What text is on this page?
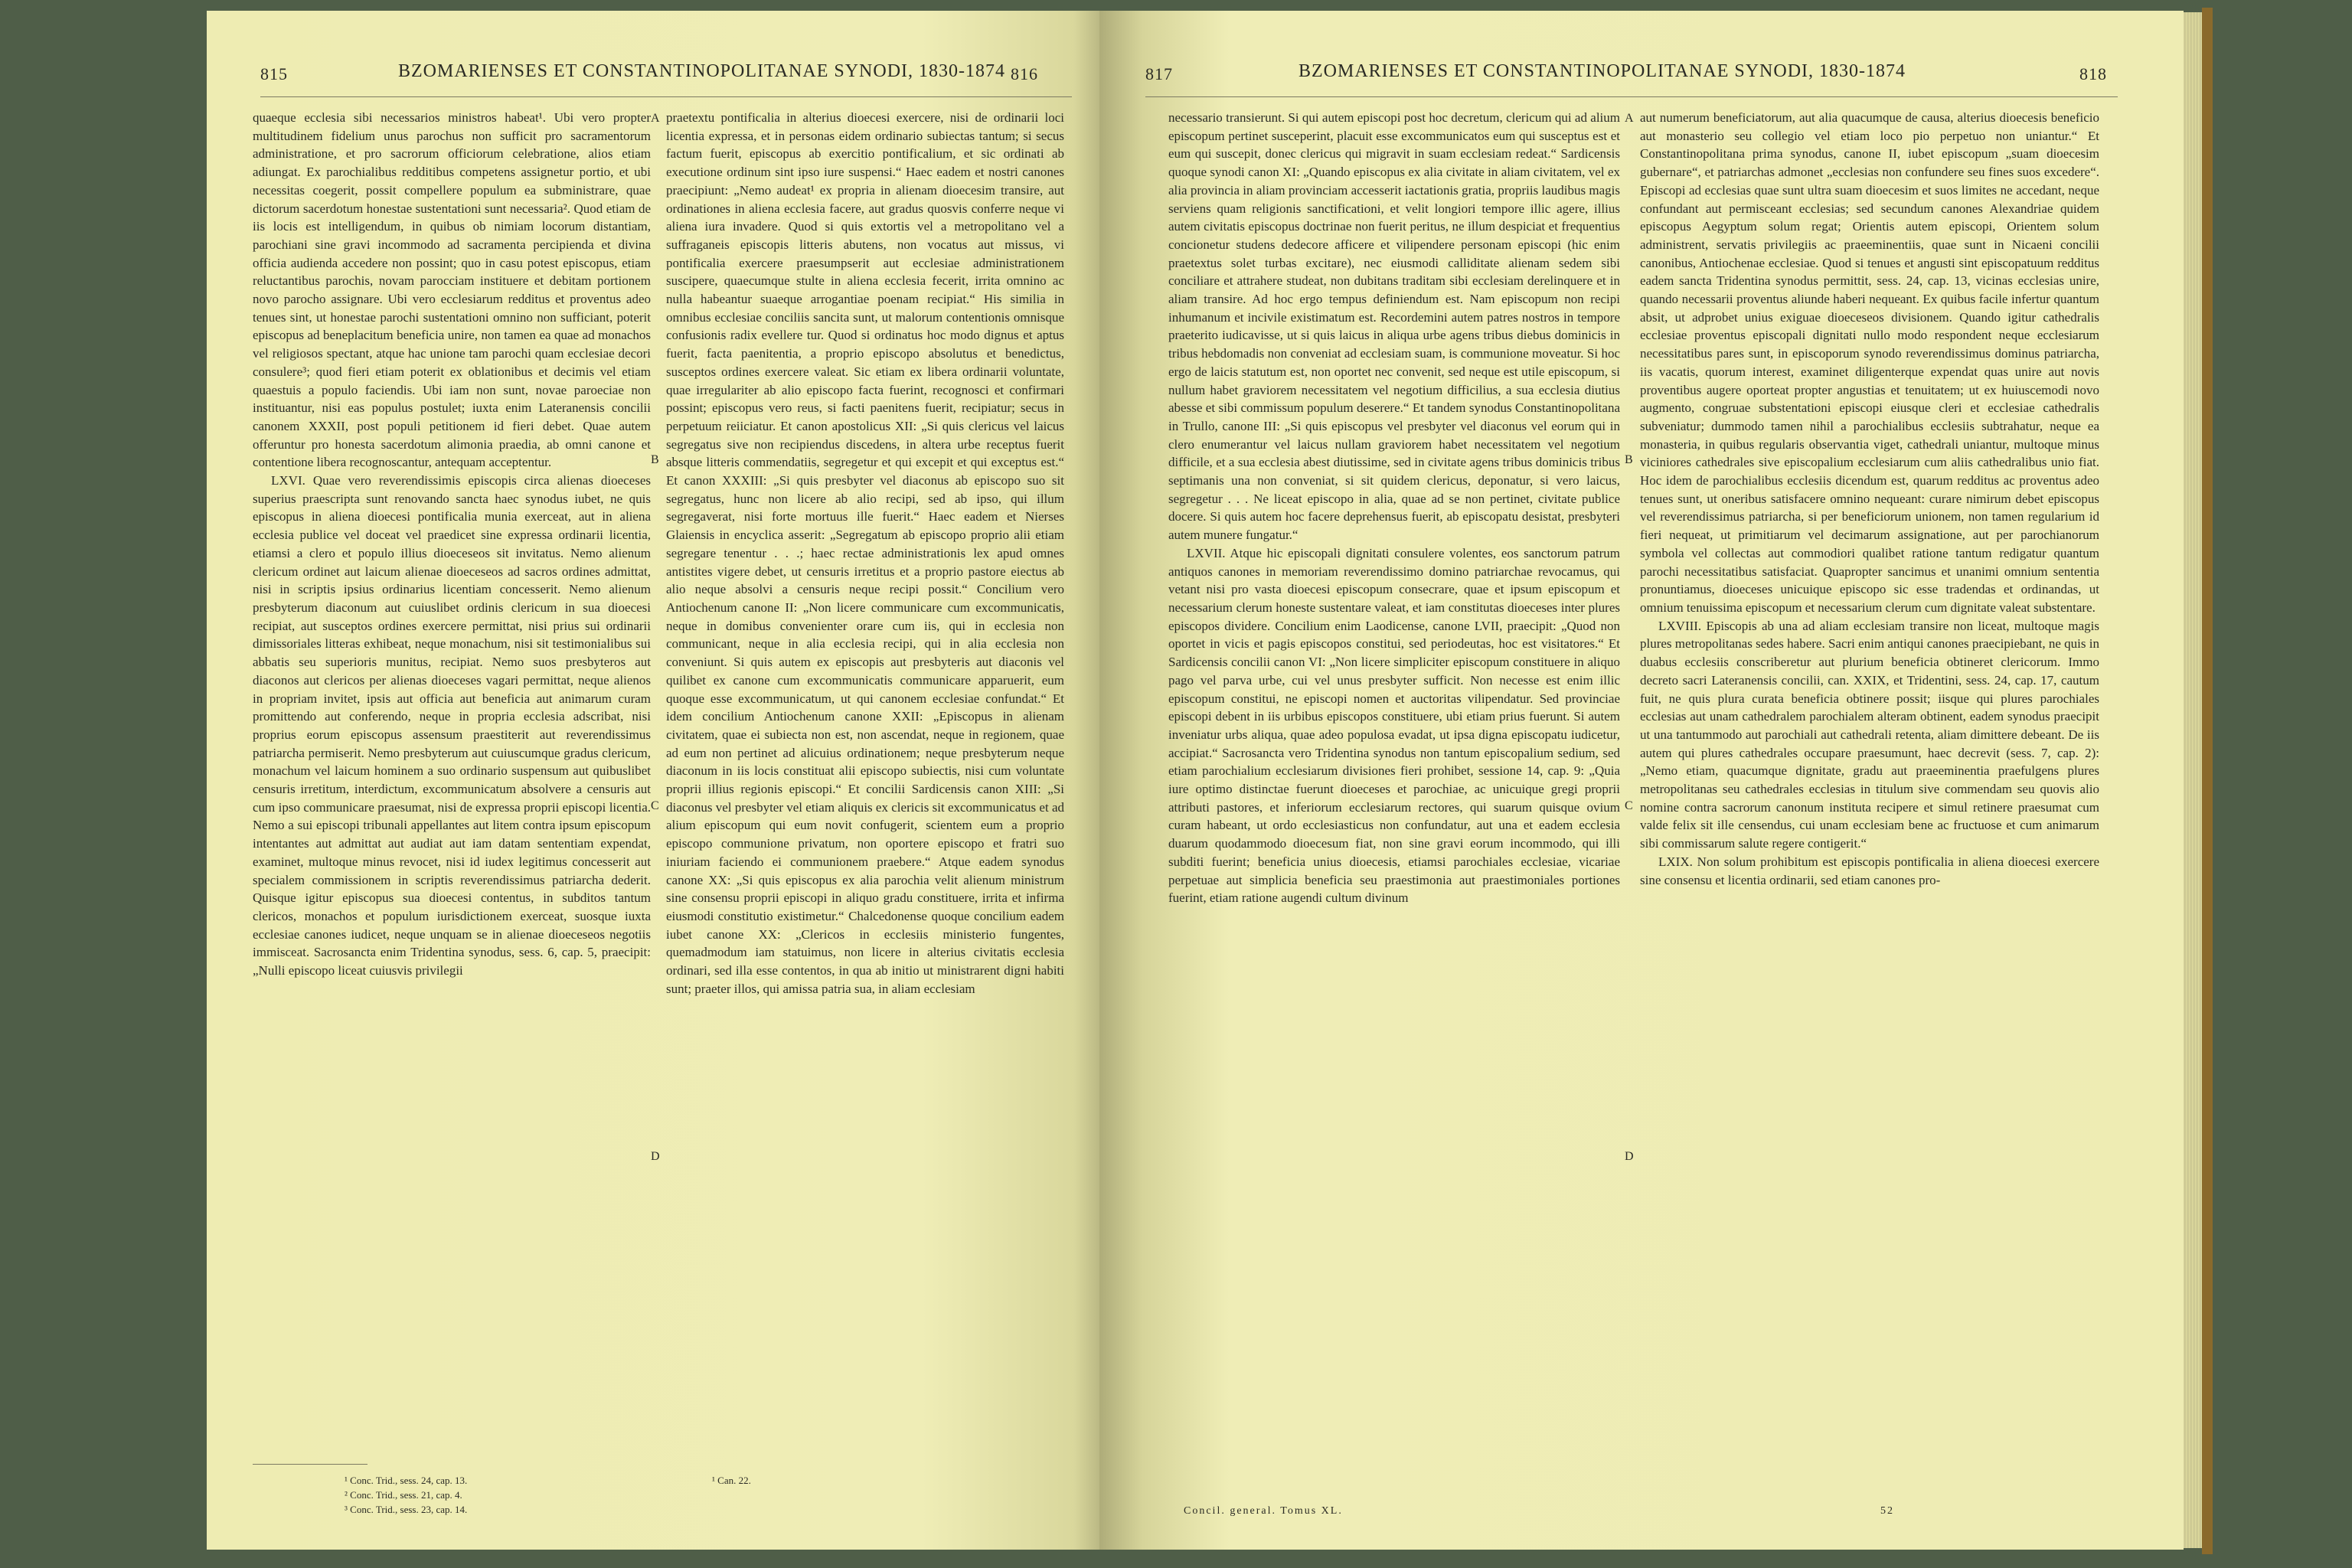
815	BZOMARIENSES ET CONSTANTINOPOLITANAE SYNODI, 1830-1874 816

quaeque ecclesia sibi necessarios ministros habeat¹. Ubi vero propter multitudinem fidelium unus parochus non sufficit pro sacramentorum administratione, et pro sacrorum officiorum celebratione, alios etiam adiungat. Ex parochialibus redditibus competens assignetur portio, et ubi necessitas coegerit, possit compellere populum ea subministrare, quae dictorum sacerdotum honestae sustentationi sunt necessaria². Quod etiam de iis locis est intelligendum, in quibus ob nimiam locorum distantiam, parochiani sine gravi incommodo ad sacramenta percipienda et divina officia audienda accedere non possint; quo in casu potest episcopus, etiam reluctantibus parochis, novam parocciam instituere et debitam portionem novo parocho assignare. Ubi vero ecclesiarum redditus et proventus adeo tenues sint, ut honestae parochi sustentationi omnino non sufficiant, poterit episcopus ad beneplacitum beneficia unire, non tamen ea quae ad monachos vel religiosos spectant, atque hac unione tam parochi quam ecclesiae decori consulere³; quod fieri etiam poterit ex oblationibus et decimis vel etiam quaestuis a populo faciendis. Ubi iam non sunt, novae paroeciae non instituantur, nisi eas populus postulet; iuxta enim Lateranensis concilii canonem XXXII, post populi petitionem id fieri debet. Quae autem offeruntur pro honesta sacerdotum alimonia praedia, ab omni canone et contentione libera recognoscantur, antequam acceptentur.

LXVI. Quae vero reverendissimis episcopis circa alienas dioeceses superius praescripta sunt renovando sancta haec synodus iubet, ne quis episcopus in aliena dioecesi pontificalia munia exerceat, aut in aliena ecclesia publice vel doceat vel praedicet sine expressa ordinarii licentia, etiamsi a clero et populo illius dioeceseos sit invitatus. Nemo alienum clericum ordinet aut laicum alienae dioeceseos ad sacros ordines admittat, nisi in scriptis ipsius ordinarius licentiam concesserit. Nemo alienum presbyterum diaconum aut cuiuslibet ordinis clericum in sua dioecesi recipiat, aut susceptos ordines exercere permittat, nisi prius sui ordinarii dimissoriales litteras exhibeat, neque monachum, nisi sit testimonialibus sui abbatis seu superioris munitus, recipiat. Nemo suos presbyteros aut diaconos aut clericos per alienas dioeceses vagari permittat, neque alienos in propriam invitet, ipsis aut officia aut beneficia aut animarum curam promittendo aut conferendo, neque in propria ecclesia adscribat, nisi proprius eorum episcopus assensum praestiterit aut reverendissimus patriarcha permiserit. Nemo presbyterum aut cuiuscumque gradus clericum, monachum vel laicum hominem a suo ordinario suspensum aut quibuslibet censuris irretitum, interdictum, excommunicatum absolvere a censuris aut cum ipso communicare praesumat, nisi de expressa proprii episcopi licentia. Nemo a sui episcopi tribunali appellantes aut litem contra ipsum episcopum intentantes aut admittat aut audiat aut iam datam sententiam expendat, examinet, multoque minus revocet, nisi id iudex legitimus concesserit aut specialem commissionem in scriptis reverendissimus patriarcha dederit. Quisque igitur episcopus sua dioecesi contentus, in subditos tantum clericos, monachos et populum iurisdictionem exerceat, suosque iuxta ecclesiae canones iudicet, neque unquam se in alienae dioeceseos negotiis immisceat. Sacrosancta enim Tridentina synodus, sess. 6, cap. 5, praecipit: „Nulli episcopo liceat cuiusvis privilegii

A
B
C
D

praetextu pontificalia in alterius dioecesi exercere, nisi de ordinarii loci licentia expressa, et in personas eidem ordinario subiectas tantum; si secus factum fuerit, episcopus ab exercitio pontificalium, et sic ordinati ab executione ordinum sint ipso iure suspensi.“ Haec eadem et nostri canones praecipiunt: „Nemo audeat¹ ex propria in alienam dioecesim transire, aut ordinationes in aliena ecclesia facere, aut gradus quosvis conferre neque vi aliena iura invadere. Quod si quis extortis vel a metropolitano vel a suffraganeis episcopis litteris abutens, non vocatus aut missus, vi pontificalia exercere praesumpserit aut ecclesiae administrationem suscipere, quaecumque stulte in aliena ecclesia fecerit, irrita omnino ac nulla habeantur suaeque arrogantiae poenam recipiat.“ His similia in omnibus ecclesiae conciliis sancita sunt, ut malorum contentionis omnisque confusionis radix evellere tur. Quod si ordinatus hoc modo dignus et aptus fuerit, facta paenitentia, a proprio episcopo absolutus et benedictus, susceptos ordines exercere valeat. Sic etiam ex libera ordinarii voluntate, quae irregulariter ab alio episcopo facta fuerint, recognosci et confirmari possint; episcopus vero reus, si facti paenitens fuerit, recipiatur; secus in perpetuum reiiciatur. Et canon apostolicus XII: „Si quis clericus vel laicus segregatus sive non recipiendus discedens, in altera urbe receptus fuerit absque litteris commendatiis, segregetur et qui excepit et qui exceptus est.“ Et canon XXXIII: „Si quis presbyter vel diaconus ab episcopo suo sit segregatus, hunc non licere ab alio recipi, sed ab ipso, qui illum segregaverat, nisi forte mortuus ille fuerit.“ Haec eadem et Nierses Glaiensis in encyclica asserit: „Segregatum ab episcopo proprio alii etiam segregare tenentur . . .; haec rectae administrationis lex apud omnes antistites vigere debet, ut censuris irretitus et a proprio pastore eiectus ab alio neque absolvi a censuris neque recipi possit.“ Concilium vero Antiochenum canone II: „Non licere communicare cum excommunicatis, neque in domibus convenienter orare cum iis, qui in ecclesia non communicant, neque in alia ecclesia recipi, qui in alia ecclesia non conveniunt. Si quis autem ex episcopis aut presbyteris aut diaconis vel quilibet ex canone cum excommunicatis communicare apparuerit, eum quoque esse excommunicatum, ut qui canonem ecclesiae confundat.“ Et idem concilium Antiochenum canone XXII: „Episcopus in alienam civitatem, quae ei subiecta non est, non ascendat, neque in regionem, quae ad eum non pertinet ad alicuius ordinationem; neque presbyterum neque diaconum in iis locis constituat alii episcopo subiectis, nisi cum voluntate proprii illius regionis episcopi.“ Et concilii Sardicensis canon XIII: „Si diaconus vel presbyter vel etiam aliquis ex clericis sit excommunicatus et ad alium episcopum qui eum novit confugerit, scientem eum a proprio episcopo communione privatum, non oportere episcopo et fratri suo iniuriam faciendo ei communionem praebere.“ Atque eadem synodus canone XX: „Si quis episcopus ex alia parochia velit alienum ministrum sine consensu proprii episcopi in aliquo gradu constituere, irrita et infirma eiusmodi constitutio existimetur.“ Chalcedonense quoque concilium eadem iubet canone XX: „Clericos in ecclesiis ministerio fungentes, quemadmodum iam statuimus, non licere in alterius civitatis ecclesia ordinari, sed illa esse contentos, in qua ab initio ut ministrarent digni habiti sunt; praeter illos, qui amissa patria sua, in aliam ecclesiam

¹ Conc. Trid., sess. 24, cap. 13.
² Conc. Trid., sess. 21, cap. 4.
³ Conc. Trid., sess. 23, cap. 14.
¹ Can. 22.
817	BZOMARIENSES ET CONSTANTINOPOLITANAE SYNODI, 1830-1874	818

necessario transierunt. Si qui autem episcopi post hoc decretum, clericum qui ad alium episcopum pertinet susceperint, placuit esse excommunicatos eum qui susceptus est et eum qui suscepit, donec clericus qui migravit in suam ecclesiam redeat.“ Sardicensis quoque synodi canon XI: „Quando episcopus ex alia civitate in aliam civitatem, vel ex alia provincia in aliam provinciam accesserit iactationis gratia, propriis laudibus magis serviens quam religionis sanctificationi, et velit longiori tempore illic agere, illius autem civitatis episcopus doctrinae non fuerit peritus, ne illum despiciat et frequentius concionetur studens dedecore afficere et vilipendere personam episcopi (hic enim praetextus solet turbas excitare), nec eiusmodi calliditate alienam sedem sibi conciliare et attrahere studeat, non dubitans traditam sibi ecclesiam derelinquere et in aliam transire. Ad hoc ergo tempus definiendum est. Nam episcopum non recipi inhumanum et incivile existimatum est. Recordemini autem patres nostros in tempore praeterito iudicavisse, ut si quis laicus in aliqua urbe agens tribus diebus dominicis in tribus hebdomadis non conveniat ad ecclesiam suam, is communione moveatur. Si hoc ergo de laicis statutum est, non oportet nec convenit, sed neque est utile episcopum, si nullum habet graviorem necessitatem vel negotium difficilius, a sua ecclesia diutius abesse et sibi commissum populum deserere.“ Et tandem synodus Constantinopolitana in Trullo, canone III: „Si quis episcopus vel presbyter vel diaconus vel eorum qui in clero enumerantur vel laicus nullam graviorem habet necessitatem vel negotium difficile, et a sua ecclesia abest diutissime, sed in civitate agens tribus dominicis tribus septimanis una non conveniat, si sit quidem clericus, deponatur, si vero laicus, segregetur . . . Ne liceat episcopo in alia, quae ad se non pertinet, civitate publice docere. Si quis autem hoc facere deprehensus fuerit, ab episcopatu desistat, presbyteri autem munere fungatur.“

LXVII. Atque hic episcopali dignitati consulere volentes, eos sanctorum patrum antiquos canones in memoriam reverendissimo domino patriarchae revocamus, qui vetant nisi pro vasta dioecesi episcopum consecrare, quae et ipsum episcopum et necessarium clerum honeste sustentare valeat, et iam constitutas dioeceses inter plures episcopos dividere. Concilium enim Laodicense, canone LVII, praecipit: „Quod non oportet in vicis et pagis episcopos constitui, sed periodeutas, hoc est visitatores.“ Et Sardicensis concilii canon VI: „Non licere simpliciter episcopum constituere in aliquo pago vel parva urbe, cui vel unus presbyter sufficit. Non necesse est enim illic episcopum constitui, ne episcopi nomen et auctoritas vilipendatur. Sed provinciae episcopi debent in iis urbibus episcopos constituere, ubi etiam prius fuerunt. Si autem inveniatur urbs aliqua, quae adeo populosa evadat, ut ipsa digna episcopatu iudicetur, accipiat.“ Sacrosancta vero Tridentina synodus non tantum episcopalium sedium, sed etiam parochialium ecclesiarum divisiones fieri prohibet, sessione 14, cap. 9: „Quia iure optimo distinctae fuerunt dioeceses et parochiae, ac unicuique gregi proprii attributi pastores, et inferiorum ecclesiarum rectores, qui suarum quisque ovium curam habeant, ut ordo ecclesiasticus non confundatur, aut una et eadem ecclesia duarum quodammodo dioecesum fiat, non sine gravi eorum incommodo, qui illi subditi fuerint; beneficia unius dioecesis, etiamsi parochiales ecclesiae, vicariae perpetuae aut simplicia beneficia seu praestimonia aut praestimoniales portiones fuerint, etiam ratione augendi cultum divinum

A
B
C
D

aut numerum beneficiatorum, aut alia quacumque de causa, alterius dioecesis beneficio aut monasterio seu collegio vel etiam loco pio perpetuo non uniantur.“ Et Constantinopolitana prima synodus, canone II, iubet episcopum „suam dioecesim gubernare“, et patriarchas admonet „ecclesias non confundere seu fines suos excedere“. Episcopi ad ecclesias quae sunt ultra suam dioecesim et suos limites ne accedant, neque confundant aut permisceant ecclesias; sed secundum canones Alexandriae quidem episcopus Aegyptum solum regat; Orientis autem episcopi, Orientem solum administrent, servatis privilegiis ac praeeminentiis, quae sunt in Nicaeni concilii canonibus, Antiochenae ecclesiae. Quod si tenues et angusti sint episcopatuum redditus eadem sancta Tridentina synodus permittit, sess. 24, cap. 13, vicinas ecclesias unire, quando necessarii proventus aliunde haberi nequeant. Ex quibus facile infertur quantum absit, ut adprobet unius exiguae dioeceseos divisionem. Quando igitur cathedralis ecclesiae proventus episcopali dignitati nullo modo respondent neque ecclesiarum necessitatibus pares sunt, in episcoporum synodo reverendissimus dominus patriarcha, iis vacatis, quorum interest, examinet diligenterque expendat quas unire aut novis proventibus augere oporteat propter angustias et tenuitatem; ut ex huiuscemodi novo augmento, congruae substentationi episcopi eiusque cleri et ecclesiae cathedralis subveniatur; dummodo tamen nihil a parochialibus ecclesiis subtrahatur, neque ea monasteria, in quibus regularis observantia viget, cathedrali uniantur, multoque minus viciniores cathedrales sive episcopalium ecclesiarum cum aliis cathedralibus unio fiat. Hoc idem de parochialibus ecclesiis dicendum est, quarum redditus ac proventus adeo tenues sunt, ut oneribus satisfacere omnino nequeant: curare nimirum debet episcopus vel reverendissimus patriarcha, si per beneficiorum unionem, non tamen regularium id fieri nequeat, ut primitiarum vel decimarum assignatione, aut per parochianorum symbola vel collectas aut commodiori qualibet ratione tantum redigatur quantum parochi necessitatibus satisfaciat. Quapropter sancimus et unanimi omnium sententia pronuntiamus, dioeceses unicuique episcopo sic esse tradendas et ordinandas, ut omnium tenuissima episcopum et necessarium clerum cum dignitate valeat substentare.

LXVIII. Episcopis ab una ad aliam ecclesiam transire non liceat, multoque magis plures metropolitanas sedes habere. Sacri enim antiqui canones praecipiebant, ne quis in duabus ecclesiis conscriberetur aut plurium beneficia obtineret clericorum. Immo decreto sacri Lateranensis concilii, can. XXIX, et Tridentini, sess. 24, cap. 17, cautum fuit, ne quis plura curata beneficia obtinere possit; iisque qui plures parochiales ecclesias aut unam cathedralem parochialem alteram obtinent, eadem synodus praecipit ut una tantummodo aut parochiali aut cathedrali retenta, aliam dimittere debeant. De iis autem qui plures cathedrales occupare praesumunt, haec decrevit (sess. 7, cap. 2): „Nemo etiam, quacumque dignitate, gradu aut praeeminentia praefulgens plures metropolitanas seu cathedrales ecclesias in titulum sive commendam seu quovis alio nomine contra sacrorum canonum instituta recipere et simul retinere praesumat cum valde felix sit ille censendus, cui unam ecclesiam bene ac fructuose et cum animarum sibi commissarum salute regere contigerit.“

LXIX. Non solum prohibitum est episcopis pontificalia in aliena dioecesi exercere sine consensu et licentia ordinarii, sed etiam canones pro-

Concil. general. Tomus XL.	52
